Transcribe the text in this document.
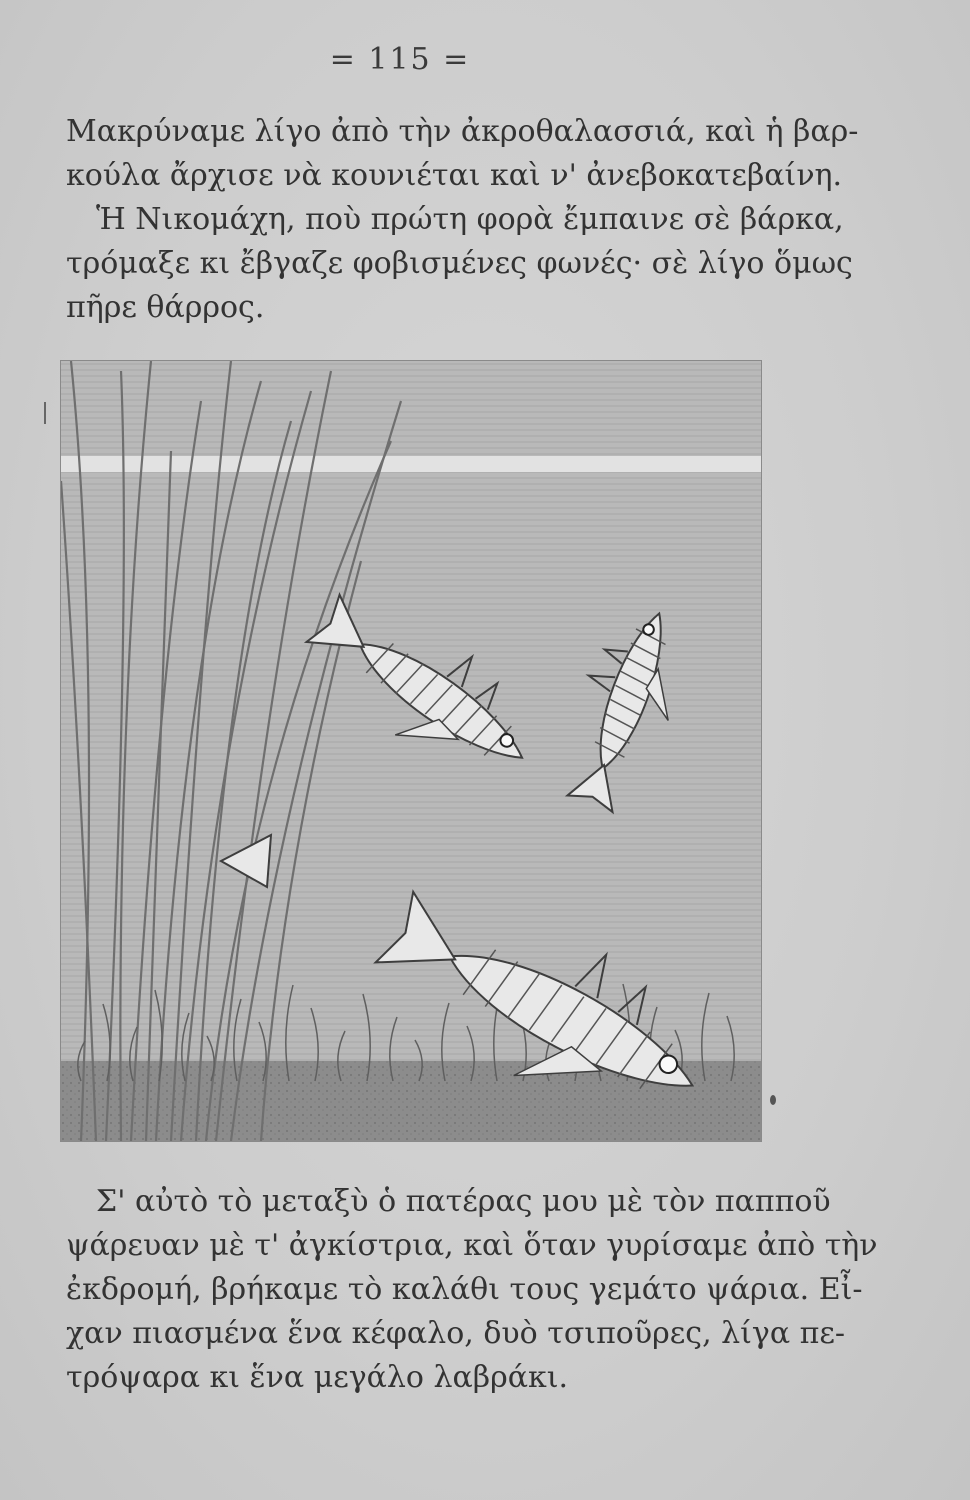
= 115 =
Μακρύναμε λίγο ἀπὸ τὴν ἀκροθαλασσιά, καὶ ἡ βαρ-
κούλα ἄρχισε νὰ κουνιέται καὶ ν' ἀνεβοκατεβαίνη.
Ἡ Νικομάχη, ποὺ πρώτη φορὰ ἔμπαινε σὲ βάρκα,
τρόμαξε κι ἔβγαζε φοβισμένες φωνές· σὲ λίγο ὅμως
πῆρε θάρρος.
Σ' αὐτὸ τὸ μεταξὺ ὁ πατέρας μου μὲ τὸν παπποῦ
ψάρευαν μὲ τ' ἀγκίστρια, καὶ ὅταν γυρίσαμε ἀπὸ τὴν
ἐκδρομή, βρήκαμε τὸ καλάθι τους γεμάτο ψάρια. Εἶ-
χαν πιασμένα ἕνα κέφαλο, δυὸ τσιποῦρες, λίγα πε-
τρόψαρα κι ἕνα μεγάλο λαβράκι.
